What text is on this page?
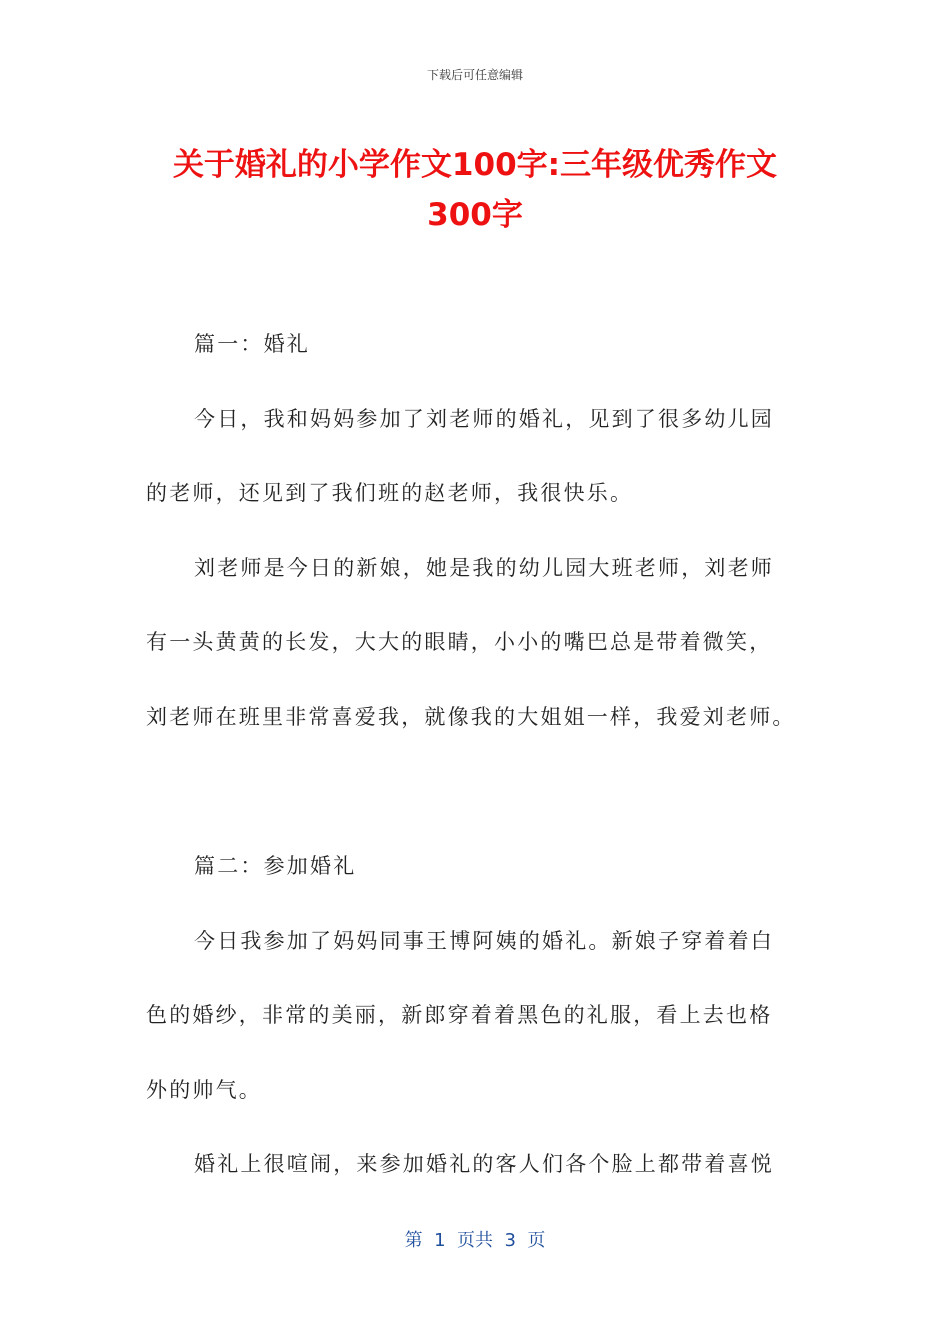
下载后可任意编辑
关于婚礼的小学作文100字:三年级优秀作文
300字
篇一：婚礼
今日，我和妈妈参加了刘老师的婚礼，见到了很多幼儿园
的老师，还见到了我们班的赵老师，我很快乐。
刘老师是今日的新娘，她是我的幼儿园大班老师，刘老师
有一头黄黄的长发，大大的眼睛，小小的嘴巴总是带着微笑，
刘老师在班里非常喜爱我，就像我的大姐姐一样，我爱刘老师。
篇二：参加婚礼
今日我参加了妈妈同事王博阿姨的婚礼。新娘子穿着着白
色的婚纱，非常的美丽，新郎穿着着黑色的礼服，看上去也格
外的帅气。
婚礼上很喧闹，来参加婚礼的客人们各个脸上都带着喜悦
第  1  页共  3  页
